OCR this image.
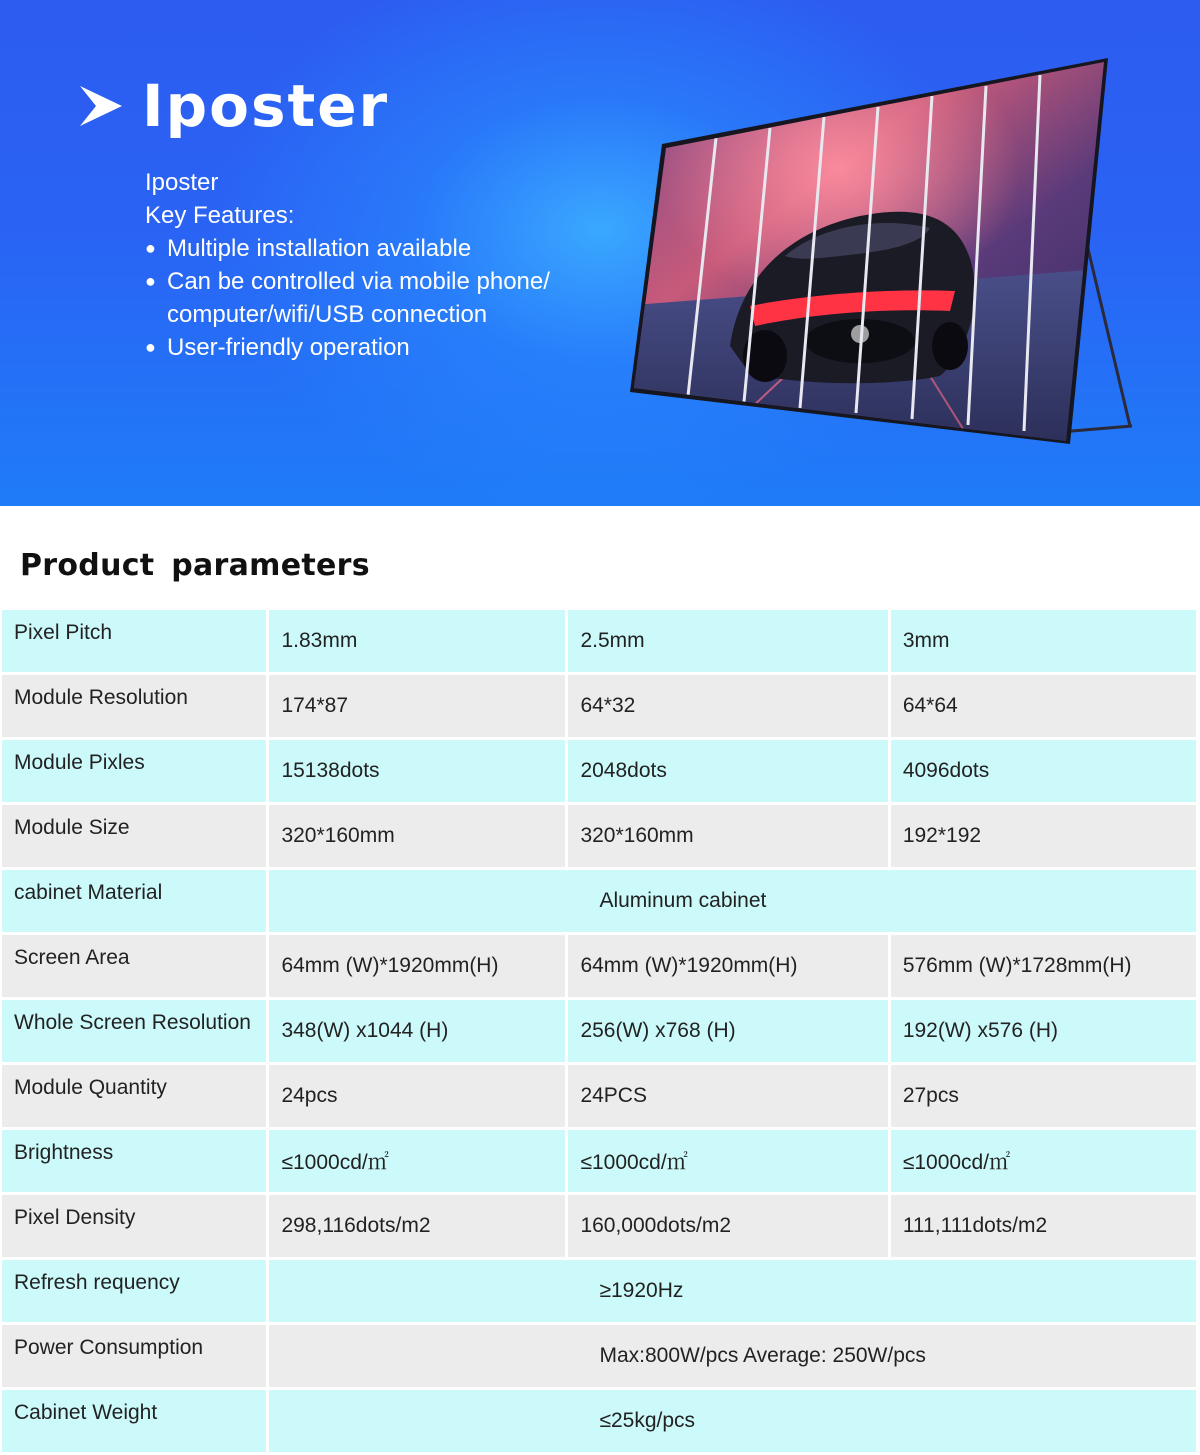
Iposter
Iposter
Key Features:
● Multiple installation available
● Can be controlled via mobile phone/
computer/wifi/USB connection
● User-friendly operation
Product parameters
Pixel Pitch	1.83mm	2.5mm	3mm
Module Resolution	174*87	64*32	64*64
Module Pixles	15138dots	2048dots	4096dots
Module Size	320*160mm	320*160mm	192*192
cabinet Material	Aluminum cabinet		
Screen Area	64mm (W)*1920mm(H)	64mm (W)*1920mm(H)	576mm (W)*1728mm(H)
Whole Screen Resolution	348(W) x1044 (H)	256(W) x768 (H)	192(W) x576 (H)
Module Quantity	24pcs	24PCS	27pcs
Brightness	≤1000cd/㎡	≤1000cd/㎡	≤1000cd/㎡
Pixel Density	298,116dots/m2	160,000dots/m2	111,111dots/m2
Refresh requency	≥1920Hz		
Power Consumption	Max:800W/pcs Average: 250W/pcs		
Cabinet Weight	≤25kg/pcs		
